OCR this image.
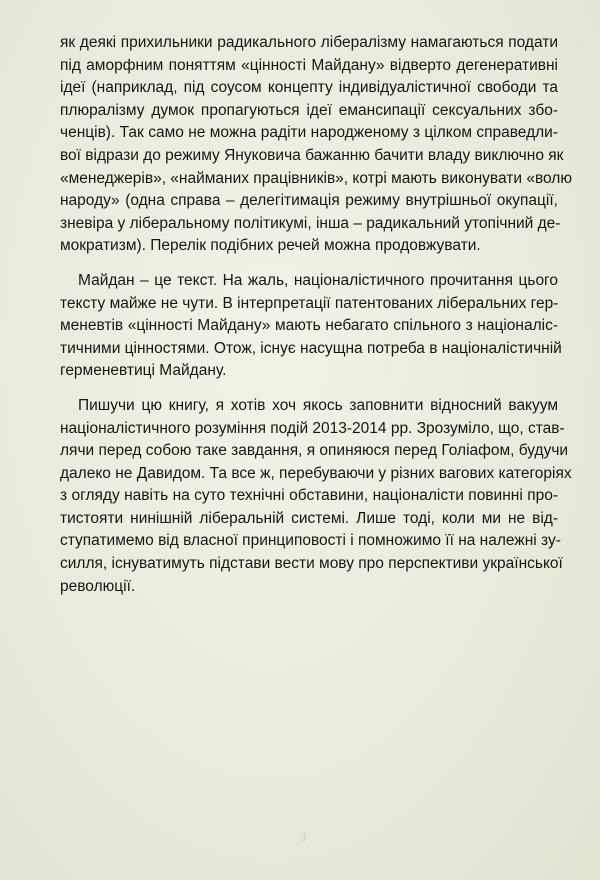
як деякі прихильники радикального лібералізму намагаються подати
під аморфним поняттям «цінності Майдану» відверто дегенеративні
ідеї (наприклад, під соусом концепту індивідуалістичної свободи та
плюралізму думок пропагуються ідеї емансипації сексуальних збо-
ченців). Так само не можна радіти народженому з цілком справедли-
вої відрази до режиму Януковича бажанню бачити владу виключно як
«менеджерів», «найманих працівників», котрі мають виконувати «волю
народу» (одна справа – делегітимація режиму внутрішньої окупації,
зневіра у ліберальному політикумі, інша – радикальний утопічний де-
мократизм). Перелік подібних речей можна продовжувати.
Майдан – це текст. На жаль, націоналістичного прочитання цього
тексту майже не чути. В інтерпретації патентованих ліберальних гер-
меневтів «цінності Майдану» мають небагато спільного з націоналіс-
тичними цінностями. Отож, існує насущна потреба в націоналістичній
герменевтиці Майдану.
Пишучи цю книгу, я хотів хоч якось заповнити відносний вакуум
націоналістичного розуміння подій 2013-2014 рр. Зрозуміло, що, став-
лячи перед собою таке завдання, я опиняюся перед Голіафом, будучи
далеко не Давидом. Та все ж, перебуваючи у різних вагових категоріях
з огляду навіть на суто технічні обставини, націоналісти повинні про-
тистояти нинішній ліберальній системі. Лише тоді, коли ми не від-
ступатимемо від власної принциповості і помножимо її на належні зу-
силля, існуватимуть підстави вести мову про перспективи української
революції.
3
